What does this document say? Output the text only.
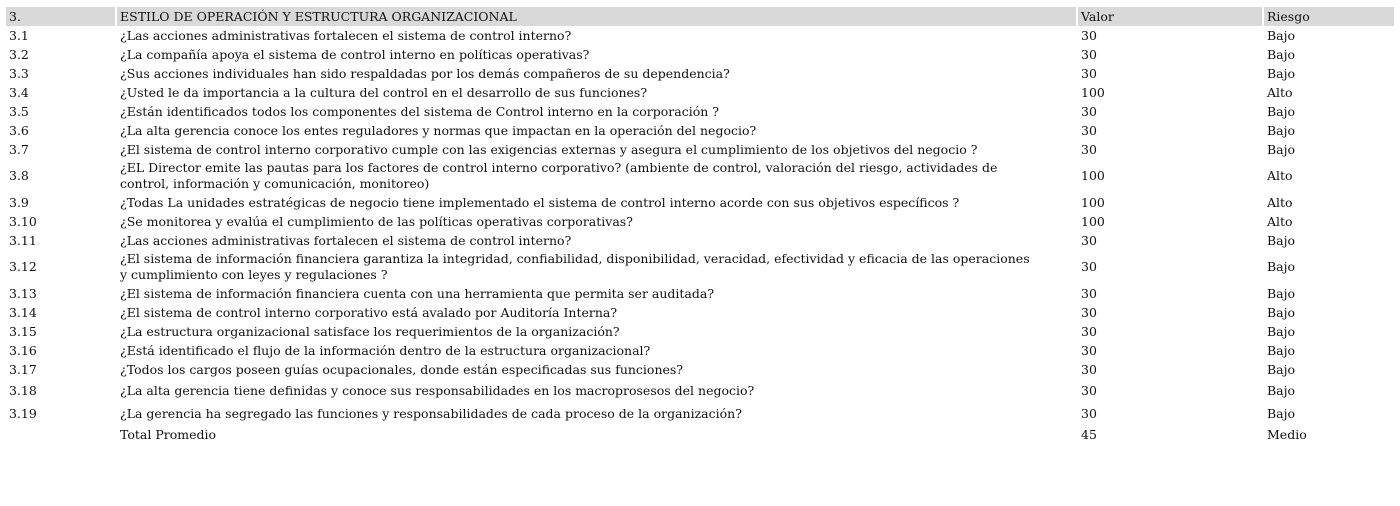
3.	ESTILO DE OPERACIÓN Y ESTRUCTURA ORGANIZACIONAL	Valor	Riesgo
3.1	¿Las acciones administrativas fortalecen el sistema de control interno?	30	Bajo
3.2	¿La compañía apoya el sistema de control interno en políticas operativas?	30	Bajo
3.3	¿Sus acciones individuales han sido respaldadas por los demás compañeros de su dependencia?	30	Bajo
3.4	¿Usted le da importancia a la cultura del control en el desarrollo de sus funciones?	100	Alto
3.5	¿Están identificados todos los componentes del sistema de Control interno en la corporación ?	30	Bajo
3.6	¿La alta gerencia conoce los entes reguladores y normas que impactan en la operación del negocio?	30	Bajo
3.7	¿El sistema de control interno corporativo cumple con las exigencias externas y asegura el cumplimiento de los objetivos del negocio ?	30	Bajo
3.8	¿EL Director emite las pautas para los factores de control interno corporativo? (ambiente de control, valoración del riesgo, actividades de control, información y comunicación, monitoreo)	100	Alto
3.9	¿Todas La unidades estratégicas de negocio tiene implementado el sistema de control interno acorde con sus objetivos específicos ?	100	Alto
3.10	¿Se monitorea y evalúa el cumplimiento de las políticas operativas corporativas?	100	Alto
3.11	¿Las acciones administrativas fortalecen el sistema de control interno?	30	Bajo
3.12	¿El sistema de información financiera garantiza la integridad, confiabilidad, disponibilidad, veracidad, efectividad y eficacia de las operaciones y cumplimiento con leyes y regulaciones ?	30	Bajo
3.13	¿El sistema de información financiera cuenta con una herramienta que permita ser auditada?	30	Bajo
3.14	¿El sistema de control interno corporativo está avalado por Auditoría Interna?	30	Bajo
3.15	¿La estructura organizacional satisface los requerimientos de la organización?	30	Bajo
3.16	¿Está identificado el flujo de la información dentro de la estructura organizacional?	30	Bajo
3.17	¿Todos los cargos poseen guías ocupacionales, donde están especificadas sus funciones?	30	Bajo
3.18	¿La alta gerencia tiene definidas y conoce sus responsabilidades en los macroprosesos del negocio?	30	Bajo
3.19	¿La gerencia ha segregado las funciones y responsabilidades de cada proceso de la organización?	30	Bajo
	Total Promedio	45	Medio
